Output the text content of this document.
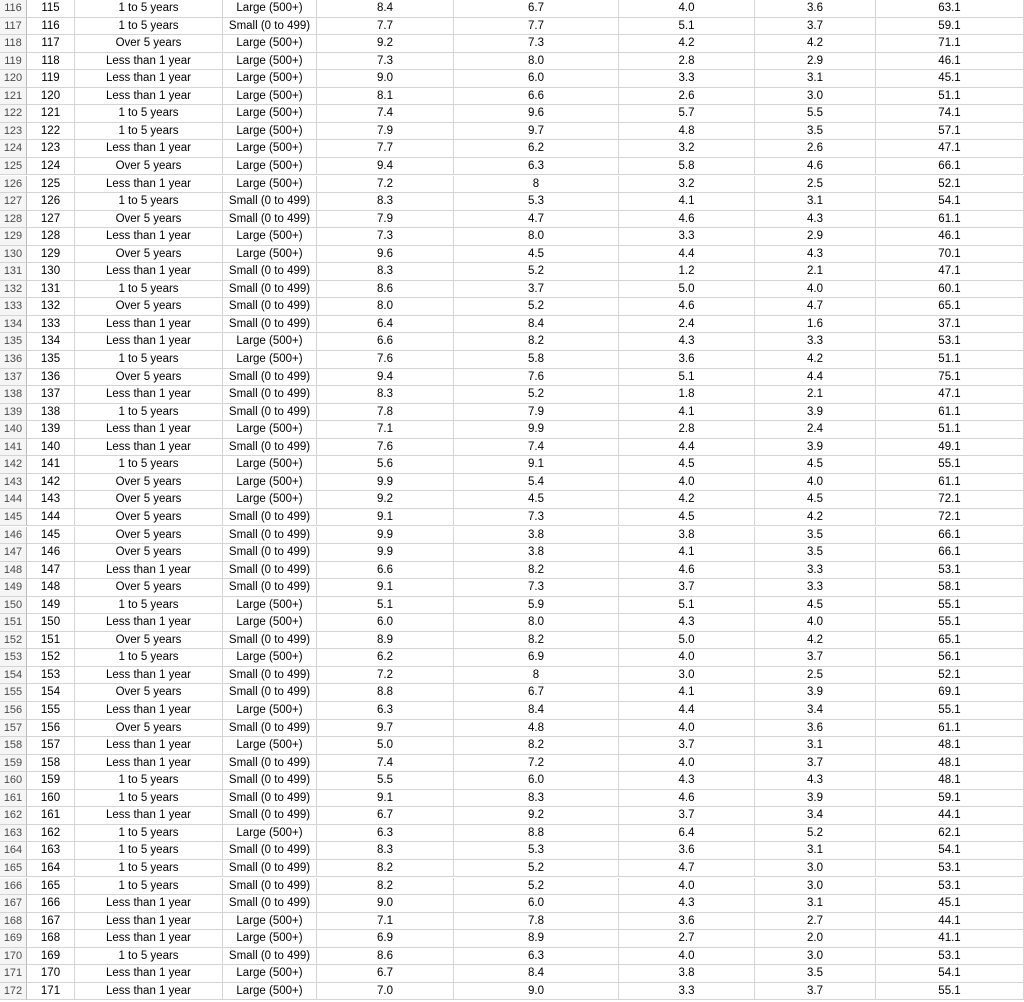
116	115	1 to 5 years	Large (500+)	8.4	6.7	4.0	3.6	63.1
117	116	1 to 5 years	Small (0 to 499)	7.7	7.7	5.1	3.7	59.1
118	117	Over 5 years	Large (500+)	9.2	7.3	4.2	4.2	71.1
119	118	Less than 1 year	Large (500+)	7.3	8.0	2.8	2.9	46.1
120	119	Less than 1 year	Large (500+)	9.0	6.0	3.3	3.1	45.1
121	120	Less than 1 year	Large (500+)	8.1	6.6	2.6	3.0	51.1
122	121	1 to 5 years	Large (500+)	7.4	9.6	5.7	5.5	74.1
123	122	1 to 5 years	Large (500+)	7.9	9.7	4.8	3.5	57.1
124	123	Less than 1 year	Large (500+)	7.7	6.2	3.2	2.6	47.1
125	124	Over 5 years	Large (500+)	9.4	6.3	5.8	4.6	66.1
126	125	Less than 1 year	Large (500+)	7.2	8	3.2	2.5	52.1
127	126	1 to 5 years	Small (0 to 499)	8.3	5.3	4.1	3.1	54.1
128	127	Over 5 years	Small (0 to 499)	7.9	4.7	4.6	4.3	61.1
129	128	Less than 1 year	Large (500+)	7.3	8.0	3.3	2.9	46.1
130	129	Over 5 years	Large (500+)	9.6	4.5	4.4	4.3	70.1
131	130	Less than 1 year	Small (0 to 499)	8.3	5.2	1.2	2.1	47.1
132	131	1 to 5 years	Small (0 to 499)	8.6	3.7	5.0	4.0	60.1
133	132	Over 5 years	Small (0 to 499)	8.0	5.2	4.6	4.7	65.1
134	133	Less than 1 year	Small (0 to 499)	6.4	8.4	2.4	1.6	37.1
135	134	Less than 1 year	Large (500+)	6.6	8.2	4.3	3.3	53.1
136	135	1 to 5 years	Large (500+)	7.6	5.8	3.6	4.2	51.1
137	136	Over 5 years	Small (0 to 499)	9.4	7.6	5.1	4.4	75.1
138	137	Less than 1 year	Small (0 to 499)	8.3	5.2	1.8	2.1	47.1
139	138	1 to 5 years	Small (0 to 499)	7.8	7.9	4.1	3.9	61.1
140	139	Less than 1 year	Large (500+)	7.1	9.9	2.8	2.4	51.1
141	140	Less than 1 year	Small (0 to 499)	7.6	7.4	4.4	3.9	49.1
142	141	1 to 5 years	Large (500+)	5.6	9.1	4.5	4.5	55.1
143	142	Over 5 years	Large (500+)	9.9	5.4	4.0	4.0	61.1
144	143	Over 5 years	Large (500+)	9.2	4.5	4.2	4.5	72.1
145	144	Over 5 years	Small (0 to 499)	9.1	7.3	4.5	4.2	72.1
146	145	Over 5 years	Small (0 to 499)	9.9	3.8	3.8	3.5	66.1
147	146	Over 5 years	Small (0 to 499)	9.9	3.8	4.1	3.5	66.1
148	147	Less than 1 year	Small (0 to 499)	6.6	8.2	4.6	3.3	53.1
149	148	Over 5 years	Small (0 to 499)	9.1	7.3	3.7	3.3	58.1
150	149	1 to 5 years	Large (500+)	5.1	5.9	5.1	4.5	55.1
151	150	Less than 1 year	Large (500+)	6.0	8.0	4.3	4.0	55.1
152	151	Over 5 years	Small (0 to 499)	8.9	8.2	5.0	4.2	65.1
153	152	1 to 5 years	Large (500+)	6.2	6.9	4.0	3.7	56.1
154	153	Less than 1 year	Small (0 to 499)	7.2	8	3.0	2.5	52.1
155	154	Over 5 years	Small (0 to 499)	8.8	6.7	4.1	3.9	69.1
156	155	Less than 1 year	Large (500+)	6.3	8.4	4.4	3.4	55.1
157	156	Over 5 years	Small (0 to 499)	9.7	4.8	4.0	3.6	61.1
158	157	Less than 1 year	Large (500+)	5.0	8.2	3.7	3.1	48.1
159	158	Less than 1 year	Small (0 to 499)	7.4	7.2	4.0	3.7	48.1
160	159	1 to 5 years	Small (0 to 499)	5.5	6.0	4.3	4.3	48.1
161	160	1 to 5 years	Small (0 to 499)	9.1	8.3	4.6	3.9	59.1
162	161	Less than 1 year	Small (0 to 499)	6.7	9.2	3.7	3.4	44.1
163	162	1 to 5 years	Large (500+)	6.3	8.8	6.4	5.2	62.1
164	163	1 to 5 years	Small (0 to 499)	8.3	5.3	3.6	3.1	54.1
165	164	1 to 5 years	Small (0 to 499)	8.2	5.2	4.7	3.0	53.1
166	165	1 to 5 years	Small (0 to 499)	8.2	5.2	4.0	3.0	53.1
167	166	Less than 1 year	Small (0 to 499)	9.0	6.0	4.3	3.1	45.1
168	167	Less than 1 year	Large (500+)	7.1	7.8	3.6	2.7	44.1
169	168	Less than 1 year	Large (500+)	6.9	8.9	2.7	2.0	41.1
170	169	1 to 5 years	Small (0 to 499)	8.6	6.3	4.0	3.0	53.1
171	170	Less than 1 year	Large (500+)	6.7	8.4	3.8	3.5	54.1
172	171	Less than 1 year	Large (500+)	7.0	9.0	3.3	3.7	55.1
